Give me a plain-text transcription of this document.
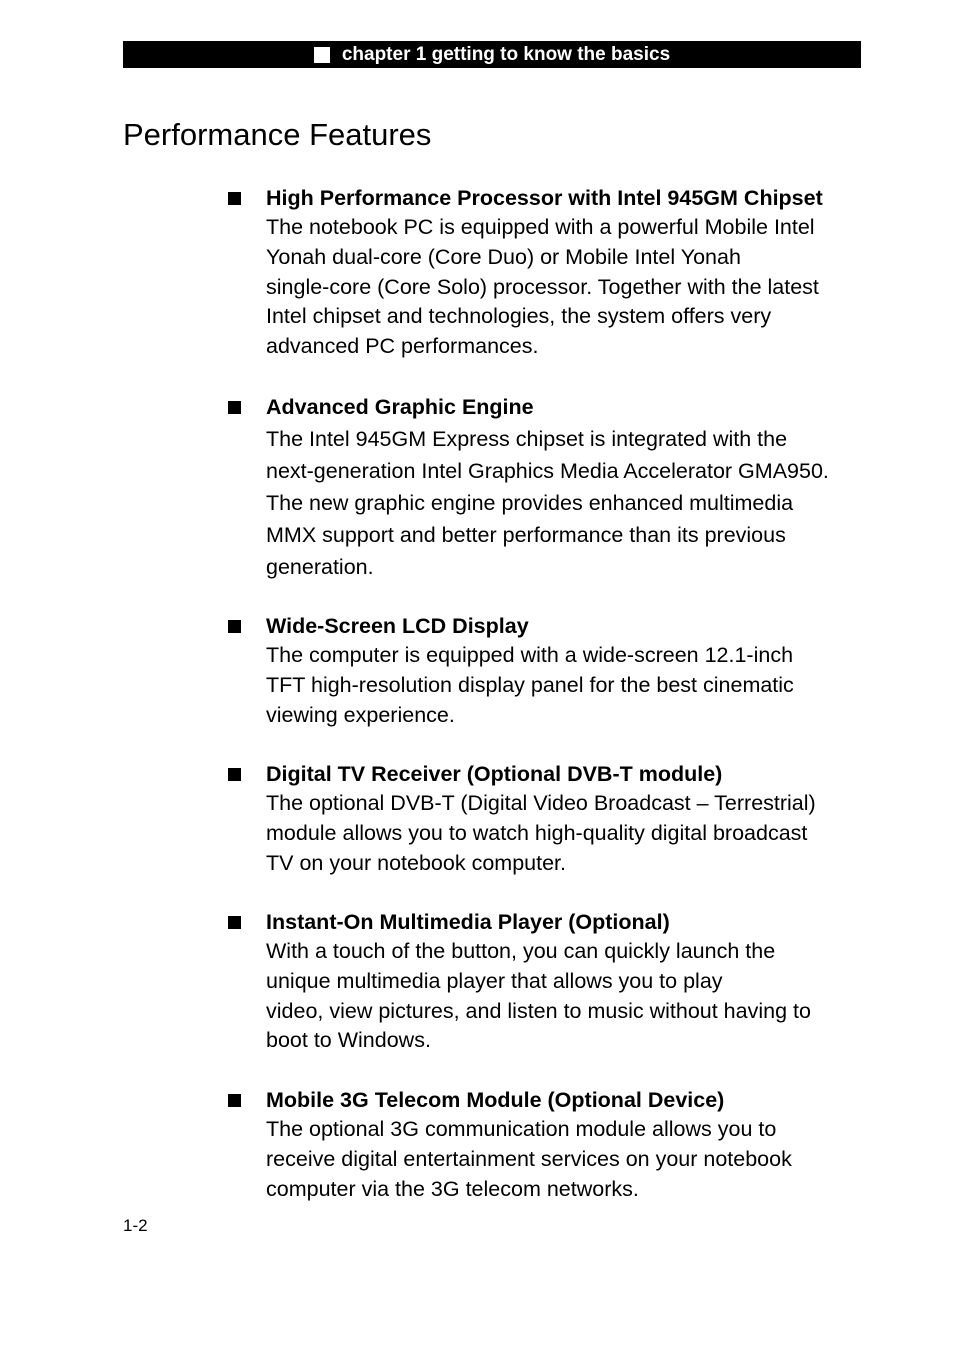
chapter 1 getting to know the basics
Performance Features
High Performance Processor with Intel 945GM Chipset

The notebook PC is equipped with a powerful Mobile Intel
Yonah dual-core (Core Duo) or Mobile Intel Yonah
single-core (Core Solo) processor. Together with the latest
Intel chipset and technologies, the system offers very
advanced PC performances.

Advanced Graphic Engine

The Intel 945GM Express chipset is integrated with the
next-generation Intel Graphics Media Accelerator GMA950.
The new graphic engine provides enhanced multimedia
MMX support and better performance than its previous
generation.

Wide-Screen LCD Display

The computer is equipped with a wide-screen 12.1-inch
TFT high-resolution display panel for the best cinematic
viewing experience.

Digital TV Receiver (Optional DVB-T module)

The optional DVB-T (Digital Video Broadcast – Terrestrial)
module allows you to watch high-quality digital broadcast
TV on your notebook computer.

Instant-On Multimedia Player (Optional)

With a touch of the button, you can quickly launch the
unique multimedia player that allows you to play
video, view pictures, and listen to music without having to
boot to Windows.

Mobile 3G Telecom Module (Optional Device)

The optional 3G communication module allows you to
receive digital entertainment services on your notebook
computer via the 3G telecom networks.

1-2
